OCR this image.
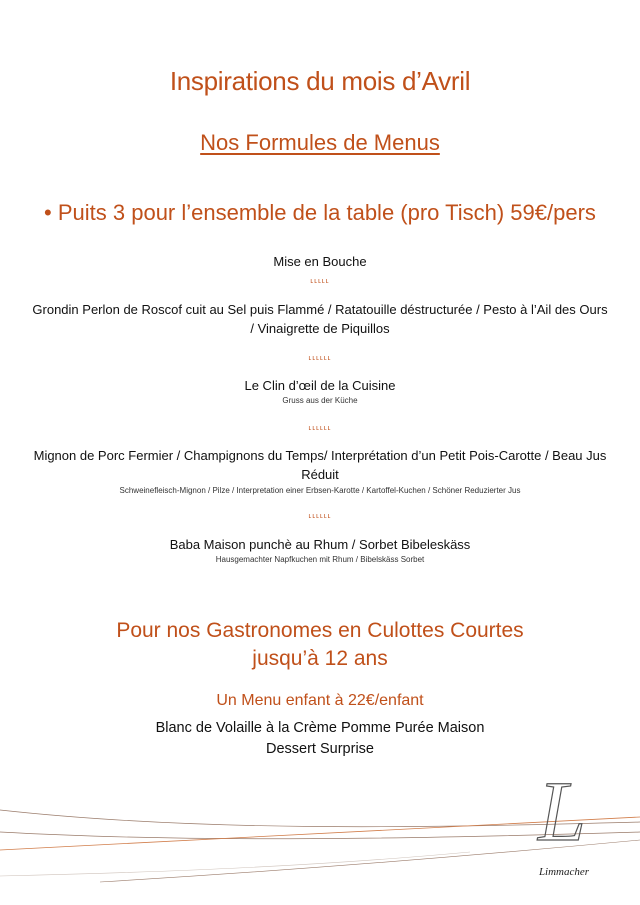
Inspirations du mois d’Avril
Nos Formules de Menus
• Puits 3 pour l’ensemble de la table (pro Tisch) 59€/pers
Mise en Bouche
ʟʟʟʟʟ
Grondin Perlon de Roscof cuit au Sel puis Flammé / Ratatouille déstructurée / Pesto à l’Ail des Ours / Vinaigrette de Piquillos
ʟʟʟʟʟʟ
Le Clin d’œil de la Cuisine
Gruss aus der Küche
ʟʟʟʟʟʟ
Mignon de Porc Fermier / Champignons du Temps/ Interprétation d’un Petit Pois-Carotte / Beau Jus Réduit
Schweinefleisch-Mignon / Pilze / Interpretation einer Erbsen-Karotte / Kartoffel-Kuchen / Schöner Reduzierter Jus
ʟʟʟʟʟʟ
Baba Maison punchè au Rhum / Sorbet Bibeleskäss
Hausgemachter Napfkuchen mit Rhum / Bibelskäss Sorbet
Pour nos Gastronomes en Culottes Courtes
jusqu’à 12 ans
Un Menu enfant à 22€/enfant
Blanc de Volaille à la Crème Pomme Purée Maison
Dessert Surprise
L
Limmacher
